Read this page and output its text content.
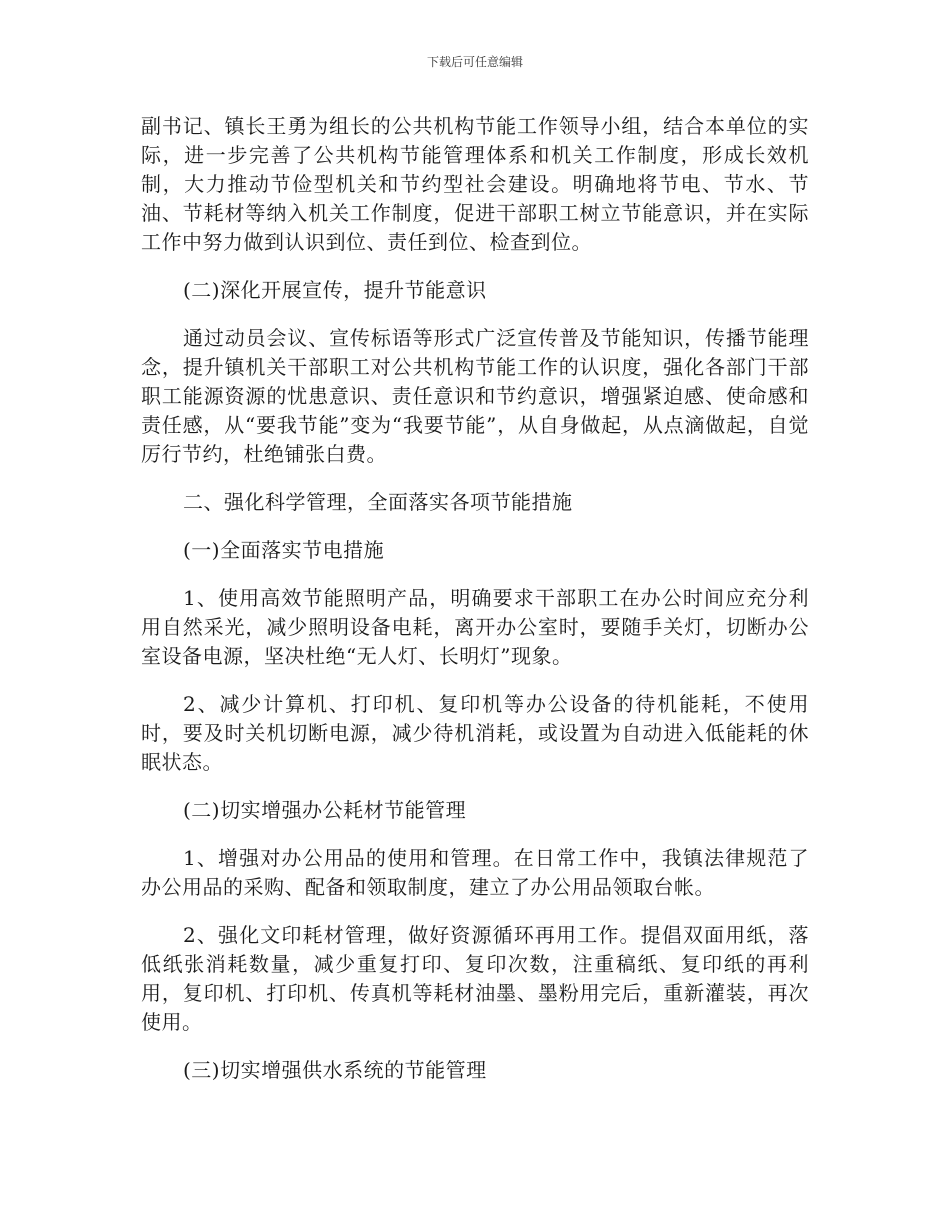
下载后可任意编辑

副书记、镇长王勇为组长的公共机构节能工作领导小组，结合本单位的实际，进一步完善了公共机构节能管理体系和机关工作制度，形成长效机制，大力推动节俭型机关和节约型社会建设。明确地将节电、节水、节油、节耗材等纳入机关工作制度，促进干部职工树立节能意识，并在实际工作中努力做到认识到位、责任到位、检查到位。

(二)深化开展宣传，提升节能意识

通过动员会议、宣传标语等形式广泛宣传普及节能知识，传播节能理念，提升镇机关干部职工对公共机构节能工作的认识度，强化各部门干部职工能源资源的忧患意识、责任意识和节约意识，增强紧迫感、使命感和责任感，从“要我节能”变为“我要节能”，从自身做起，从点滴做起，自觉厉行节约，杜绝铺张白费。

二、强化科学管理，全面落实各项节能措施

(一)全面落实节电措施

1、使用高效节能照明产品，明确要求干部职工在办公时间应充分利用自然采光，减少照明设备电耗，离开办公室时，要随手关灯，切断办公室设备电源，坚决杜绝“无人灯、长明灯”现象。

2、减少计算机、打印机、复印机等办公设备的待机能耗，不使用时，要及时关机切断电源，减少待机消耗，或设置为自动进入低能耗的休眠状态。

(二)切实增强办公耗材节能管理

1、增强对办公用品的使用和管理。在日常工作中，我镇法律规范了办公用品的采购、配备和领取制度，建立了办公用品领取台帐。

2、强化文印耗材管理，做好资源循环再用工作。提倡双面用纸，落低纸张消耗数量，减少重复打印、复印次数，注重稿纸、复印纸的再利用，复印机、打印机、传真机等耗材油墨、墨粉用完后，重新灌装，再次使用。

(三)切实增强供水系统的节能管理
